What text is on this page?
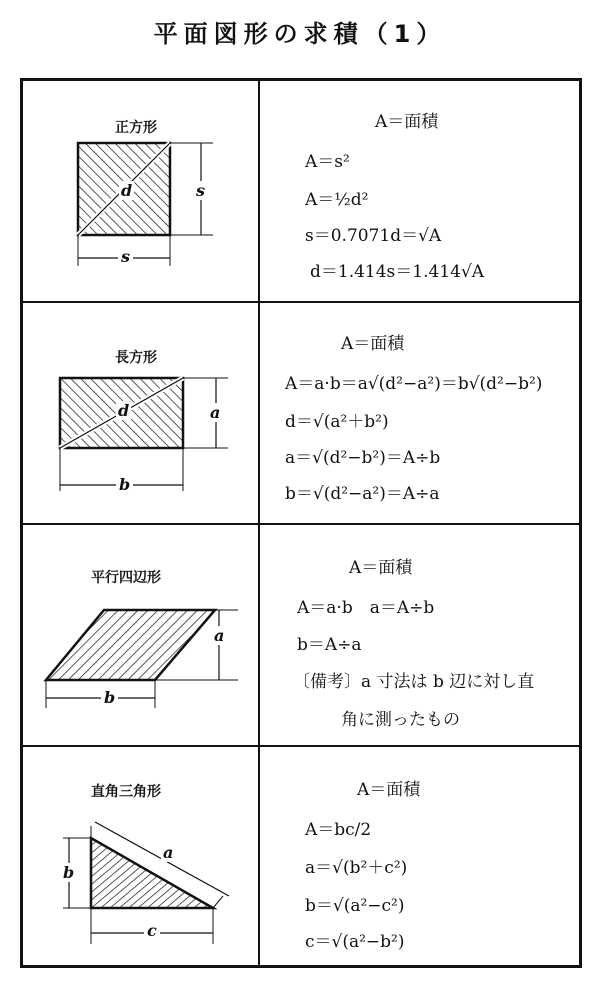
平面図形の求積（1）
正方形
d	s
s
A＝面積
A＝s²
A＝½d²
s＝0.7071d＝√A
d＝1.414s＝1.414√A
長方形
d	a
b
A＝面積
A＝a·b＝a√(d²−a²)＝b√(d²−b²)
d＝√(a²＋b²)
a＝√(d²−b²)＝A÷b
b＝√(d²−a²)＝A÷a
平行四辺形
a
b
A＝面積
A＝a·b　a＝A÷b
b＝A÷a
〔備考〕a 寸法は b 辺に対し直
角に測ったもの
直角三角形
a
b
c
A＝面積
A＝bc/2
a＝√(b²＋c²)
b＝√(a²−c²)
c＝√(a²−b²)
